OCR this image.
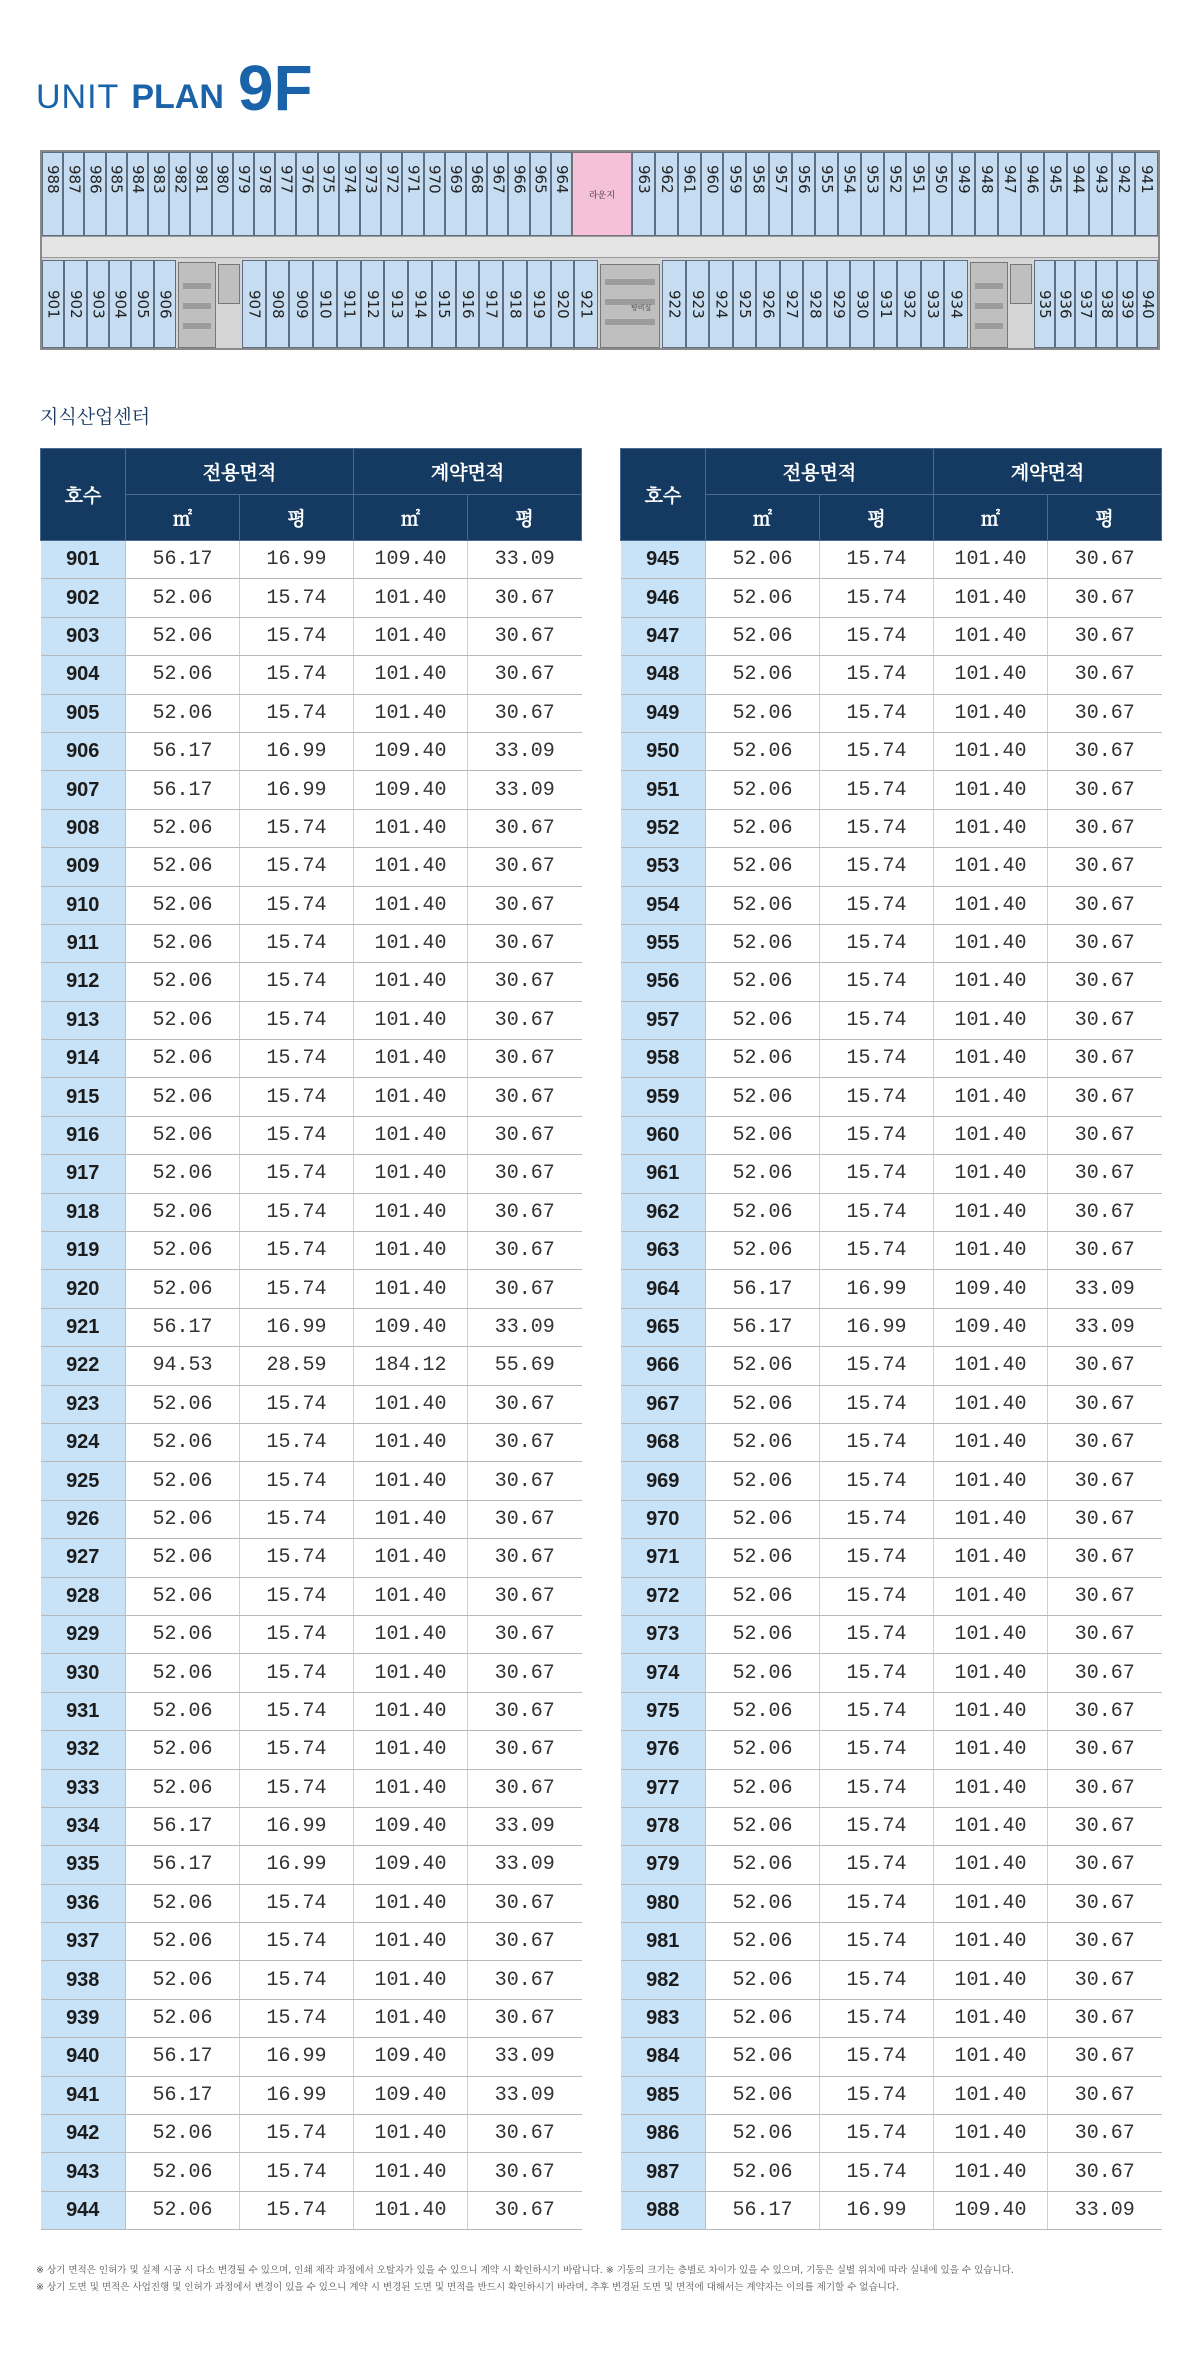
UNIT PLAN 9F
라운지
988 987 986 985 984 983 982 981 980 979 978 977 976 975 974 973 972 971 970 969 968 967 966 965 964	963 962 961 960 959 958 957 956 955 954 953 952 951 950 949 948 947 946 945 944 943 942 941
901 902 903 904 905 906	907 908 909 910 911 912 913 914 915 916 917 918 919 920 921	922 923 924 925 926 927 928 929 930 931 932 933 934	935 936 937 938 939 940
탕비실
지식산업센터
호수	전용면적		계약면적	
	㎡	평	㎡	평
901	56.17	16.99	109.40	33.09
902	52.06	15.74	101.40	30.67
903	52.06	15.74	101.40	30.67
904	52.06	15.74	101.40	30.67
905	52.06	15.74	101.40	30.67
906	56.17	16.99	109.40	33.09
907	56.17	16.99	109.40	33.09
908	52.06	15.74	101.40	30.67
909	52.06	15.74	101.40	30.67
910	52.06	15.74	101.40	30.67
911	52.06	15.74	101.40	30.67
912	52.06	15.74	101.40	30.67
913	52.06	15.74	101.40	30.67
914	52.06	15.74	101.40	30.67
915	52.06	15.74	101.40	30.67
916	52.06	15.74	101.40	30.67
917	52.06	15.74	101.40	30.67
918	52.06	15.74	101.40	30.67
919	52.06	15.74	101.40	30.67
920	52.06	15.74	101.40	30.67
921	56.17	16.99	109.40	33.09
922	94.53	28.59	184.12	55.69
923	52.06	15.74	101.40	30.67
924	52.06	15.74	101.40	30.67
925	52.06	15.74	101.40	30.67
926	52.06	15.74	101.40	30.67
927	52.06	15.74	101.40	30.67
928	52.06	15.74	101.40	30.67
929	52.06	15.74	101.40	30.67
930	52.06	15.74	101.40	30.67
931	52.06	15.74	101.40	30.67
932	52.06	15.74	101.40	30.67
933	52.06	15.74	101.40	30.67
934	56.17	16.99	109.40	33.09
935	56.17	16.99	109.40	33.09
936	52.06	15.74	101.40	30.67
937	52.06	15.74	101.40	30.67
938	52.06	15.74	101.40	30.67
939	52.06	15.74	101.40	30.67
940	56.17	16.99	109.40	33.09
941	56.17	16.99	109.40	33.09
942	52.06	15.74	101.40	30.67
943	52.06	15.74	101.40	30.67
944	52.06	15.74	101.40	30.67
호수	전용면적		계약면적	
	㎡	평	㎡	평
945	52.06	15.74	101.40	30.67
946	52.06	15.74	101.40	30.67
947	52.06	15.74	101.40	30.67
948	52.06	15.74	101.40	30.67
949	52.06	15.74	101.40	30.67
950	52.06	15.74	101.40	30.67
951	52.06	15.74	101.40	30.67
952	52.06	15.74	101.40	30.67
953	52.06	15.74	101.40	30.67
954	52.06	15.74	101.40	30.67
955	52.06	15.74	101.40	30.67
956	52.06	15.74	101.40	30.67
957	52.06	15.74	101.40	30.67
958	52.06	15.74	101.40	30.67
959	52.06	15.74	101.40	30.67
960	52.06	15.74	101.40	30.67
961	52.06	15.74	101.40	30.67
962	52.06	15.74	101.40	30.67
963	52.06	15.74	101.40	30.67
964	56.17	16.99	109.40	33.09
965	56.17	16.99	109.40	33.09
966	52.06	15.74	101.40	30.67
967	52.06	15.74	101.40	30.67
968	52.06	15.74	101.40	30.67
969	52.06	15.74	101.40	30.67
970	52.06	15.74	101.40	30.67
971	52.06	15.74	101.40	30.67
972	52.06	15.74	101.40	30.67
973	52.06	15.74	101.40	30.67
974	52.06	15.74	101.40	30.67
975	52.06	15.74	101.40	30.67
976	52.06	15.74	101.40	30.67
977	52.06	15.74	101.40	30.67
978	52.06	15.74	101.40	30.67
979	52.06	15.74	101.40	30.67
980	52.06	15.74	101.40	30.67
981	52.06	15.74	101.40	30.67
982	52.06	15.74	101.40	30.67
983	52.06	15.74	101.40	30.67
984	52.06	15.74	101.40	30.67
985	52.06	15.74	101.40	30.67
986	52.06	15.74	101.40	30.67
987	52.06	15.74	101.40	30.67
988	56.17	16.99	109.40	33.09
※ 상기 면적은 인허가 및 실제 시공 시 다소 변경될 수 있으며, 인쇄 제작 과정에서 오탈자가 있을 수 있으니 계약 시 확인하시기 바랍니다. ※ 기둥의 크기는 층별로 차이가 있을 수 있으며, 기둥은 실별 위치에 따라 실내에 있을 수 있습니다.
※ 상기 도면 및 면적은 사업진행 및 인허가 과정에서 변경이 있을 수 있으니 계약 시 변경된 도면 및 면적을 반드시 확인하시기 바라며, 추후 변경된 도면 및 면적에 대해서는 계약자는 이의를 제기할 수 없습니다.
